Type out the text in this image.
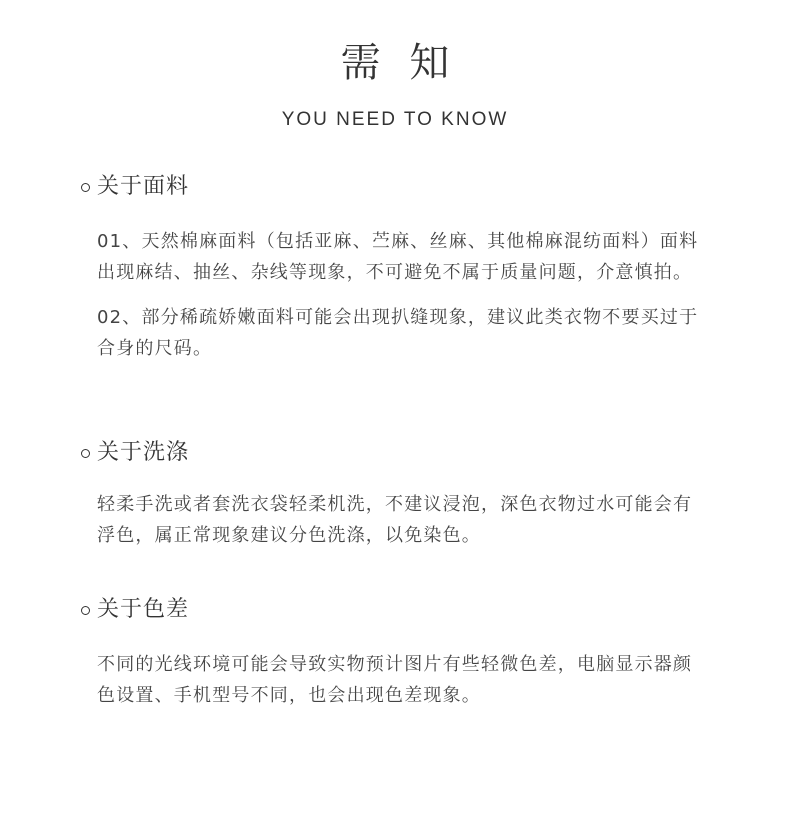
需 知
YOU NEED TO KNOW
关于面料
01、天然棉麻面料（包括亚麻、苎麻、丝麻、其他棉麻混纺面料）面料出现麻结、抽丝、杂线等现象，不可避免不属于质量问题，介意慎拍。
02、部分稀疏娇嫩面料可能会出现扒缝现象，建议此类衣物不要买过于合身的尺码。
关于洗涤
轻柔手洗或者套洗衣袋轻柔机洗，不建议浸泡，深色衣物过水可能会有浮色，属正常现象建议分色洗涤，以免染色。
关于色差
不同的光线环境可能会导致实物预计图片有些轻微色差，电脑显示器颜色设置、手机型号不同，也会出现色差现象。
